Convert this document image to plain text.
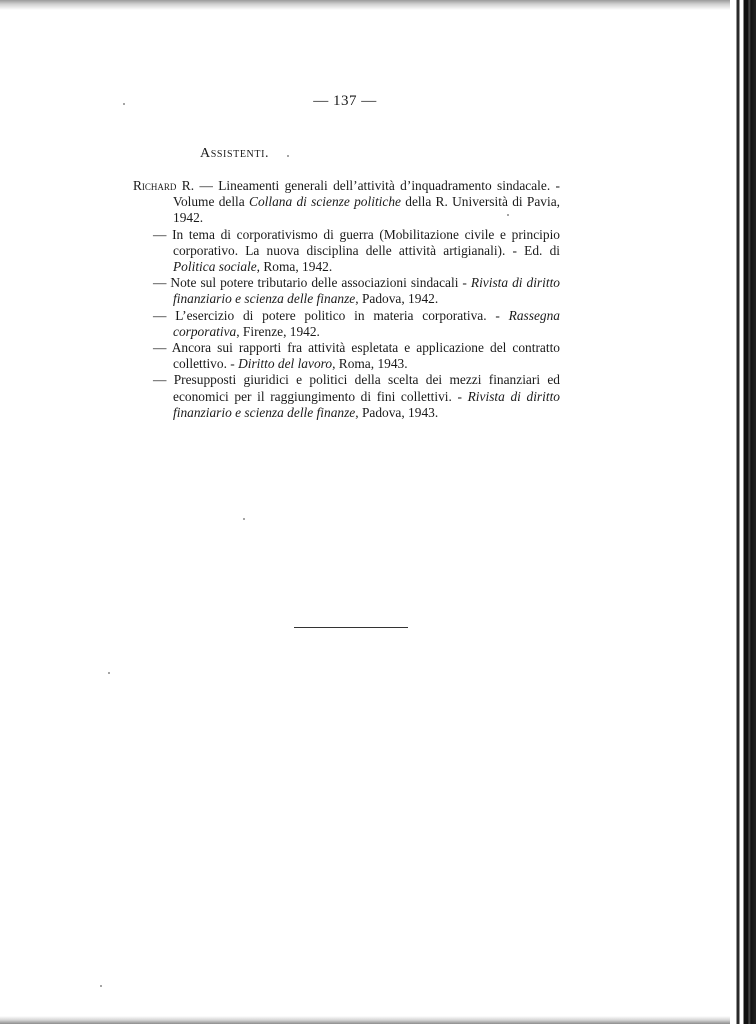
— 137 —
Assistenti.

Richard R. — Lineamenti generali dell’attività d’inquadramento sindacale. - Volume della Collana di scienze politiche della R. Università di Pavia, 1942.

— In tema di corporativismo di guerra (Mobilitazione civile e principio corporativo. La nuova disciplina delle attività artigianali). - Ed. di Politica sociale, Roma, 1942.

— Note sul potere tributario delle associazioni sindacali - Rivista di diritto finanziario e scienza delle finanze, Padova, 1942.

— L’esercizio di potere politico in materia corporativa. - Rassegna corporativa, Firenze, 1942.

— Ancora sui rapporti fra attività espletata e applicazione del contratto collettivo. - Diritto del lavoro, Roma, 1943.

— Presupposti giuridici e politici della scelta dei mezzi finanziari ed economici per il raggiungimento di fini collettivi. - Rivista di diritto finanziario e scienza delle finanze, Padova, 1943.
